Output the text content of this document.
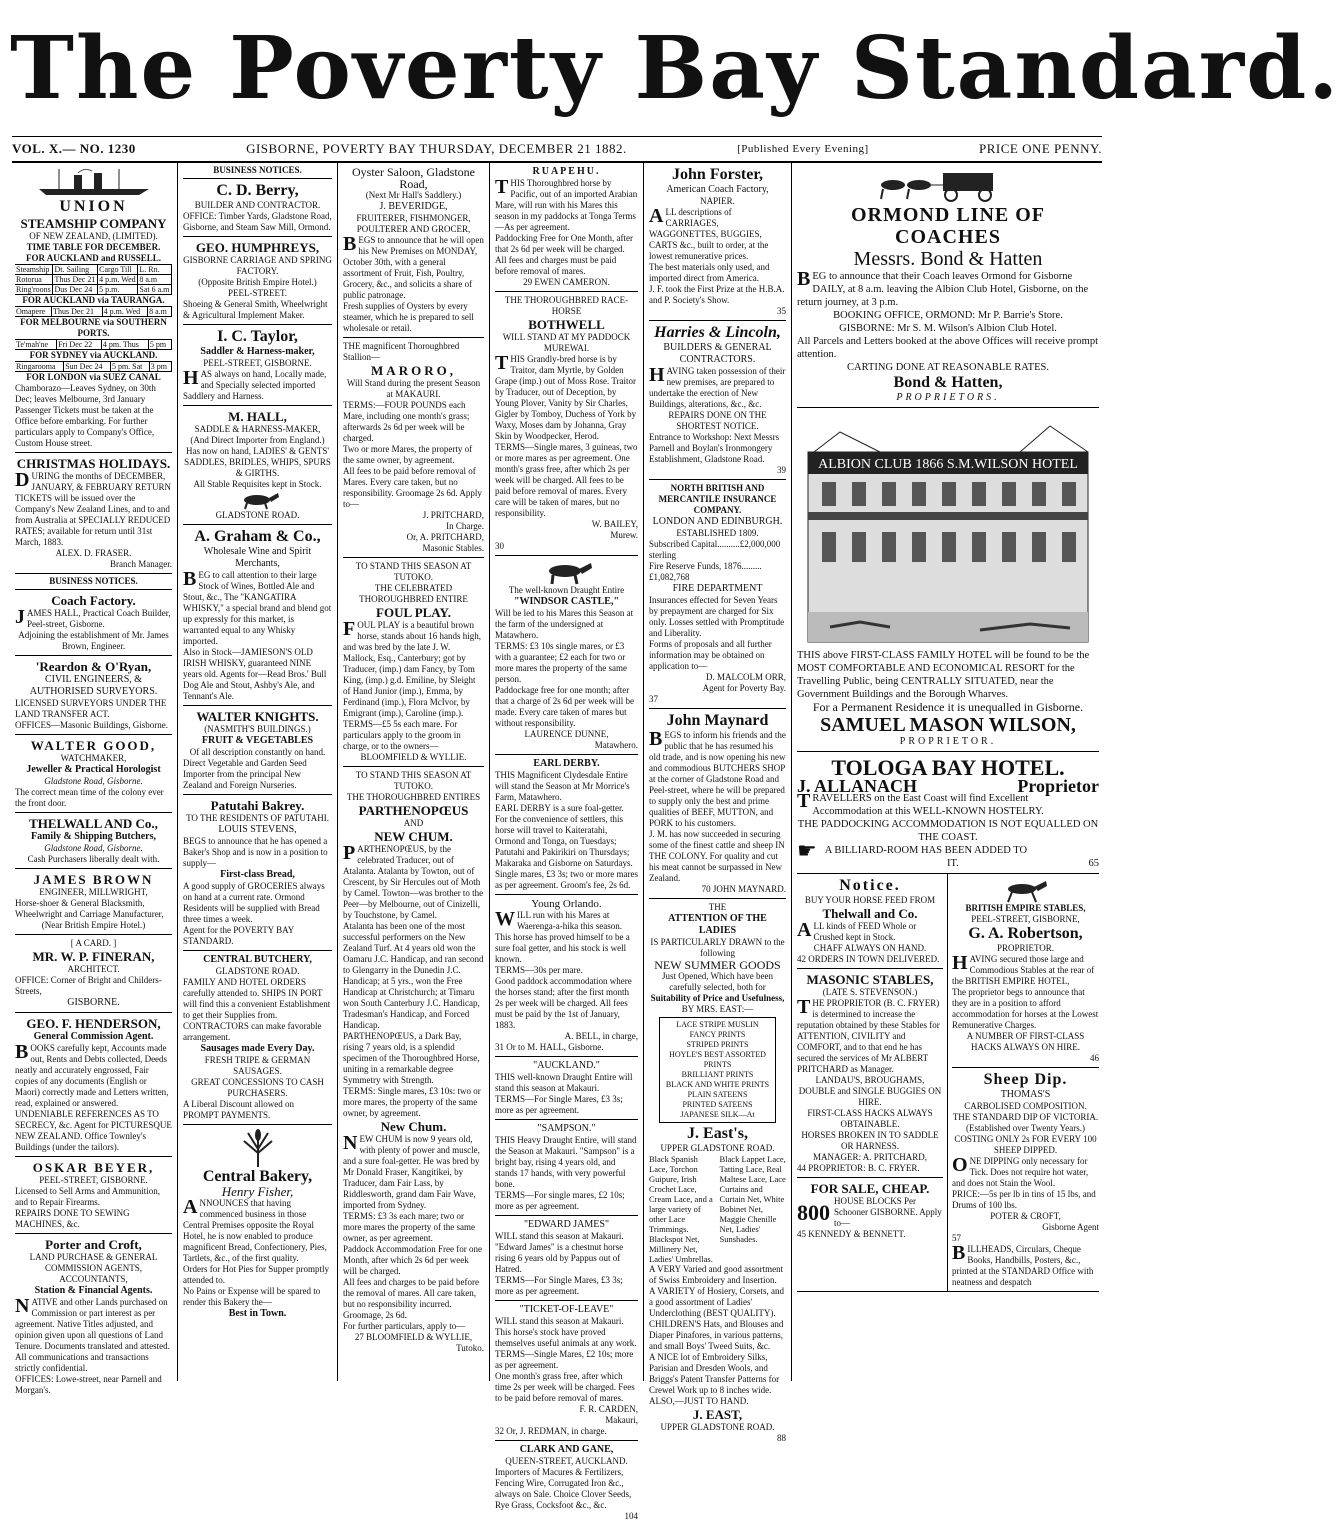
The Poverty Bay Standard.
VOL. X.— NO. 1230	GISBORNE, POVERTY BAY THURSDAY, DECEMBER 21 1882.	[Published Every Evening]	PRICE ONE PENNY.
UNION
STEAMSHIP COMPANY
OF NEW ZEALAND, (LIMITED).
TIME TABLE FOR DECEMBER.
FOR AUCKLAND and RUSSELL.
Steamship	Dt. Sailing	Cargo Till	L. Rn.
Rotorua	Thus Dec 21	4 p.m. Wed	8 a.m
Ring'roons	Dus Dec 24	5 p.m.	Sat 6 a.m
FOR AUCKLAND via TAURANGA.
Omapere	Thus Dec 21	4 p.m. Wed	8 a.m
FOR MELBOURNE via SOUTHERN PORTS.
Te'mah'ne	Fri Dec 22	4 pm. Thus	5 pm
FOR SYDNEY via AUCKLAND.
Ringarooma	Sun Dec 24	5 pm. Sat	3 pm
FOR LONDON via SUEZ CANAL
Chamborazo—Leaves Sydney, on 30th Dec; leaves Melbourne, 3rd January
Passenger Tickets must be taken at the Office before embarking. For further particulars apply to Company's Office, Custom House street.
CHRISTMAS HOLIDAYS.
DURING the months of DECEMBER, JANUARY, & FEBRUARY RETURN TICKETS will be issued over the Company's New Zealand Lines, and to and from Australia at SPECIALLY REDUCED RATES; available for return until 31st March, 1883.
ALEX. D. FRASER.
Branch Manager.
BUSINESS NOTICES.
Coach Factory.
JAMES HALL, Practical Coach Builder, Peel-street, Gisborne.
Adjoining the establishment of Mr. James Brown, Engineer.
'Reardon & O'Ryan,
CIVIL ENGINEERS, & AUTHORISED SURVEYORS.
LICENSED SURVEYORS UNDER THE LAND TRANSFER ACT.
OFFICES—Masonic Buildings, Gisborne.
WALTER GOOD,
WATCHMAKER,
Jeweller & Practical Horologist
Gladstone Road, Gisborne.
The correct mean time of the colony ever the front door.
THELWALL AND Co.,
Family & Shipping Butchers,
Gladstone Road, Gisborne.
Cash Purchasers liberally dealt with.
JAMES BROWN
ENGINEER, MILLWRIGHT,
Horse-shoer & General Blacksmith, Wheelwright and Carriage Manufacturer,
(Near British Empire Hotel.)
[ A CARD. ]
MR. W. P. FINERAN,
ARCHITECT.
OFFICE: Corner of Bright and Childers-Streets,
GISBORNE.
GEO. F. HENDERSON,
General Commission Agent.
BOOKS carefully kept, Accounts made out, Rents and Debts collected, Deeds neatly and accurately engrossed, Fair copies of any documents (English or Maori) correctly made and Letters written, read, explained or answered.
UNDENIABLE REFERENCES AS TO SECRECY, &c. Agent for PICTURESQUE NEW ZEALAND. Office Townley's Buildings (under the tailors).
OSKAR BEYER,
PEEL-STREET, GISBORNE.
Licensed to Sell Arms and Ammunition, and to Repair Firearms.
REPAIRS DONE TO SEWING MACHINES, &c.
Porter and Croft,
LAND PURCHASE & GENERAL COMMISSION AGENTS, ACCOUNTANTS,
Station & Financial Agents.
NATIVE and other Lands purchased on Commission or part interest as per agreement. Native Titles adjusted, and opinion given upon all questions of Land Tenure. Documents translated and attested. All communications and transactions strictly confidential.
OFFICES: Lowe-street, near Parnell and Morgan's.
BUSINESS NOTICES.
C. D. Berry,
BUILDER AND CONTRACTOR.
OFFICE: Timber Yards, Gladstone Road, Gisborne, and Steam Saw Mill, Ormond.
GEO. HUMPHREYS,
GISBORNE CARRIAGE AND SPRING FACTORY.
(Opposite British Empire Hotel.)
PEEL-STREET.
Shoeing & General Smith, Wheelwright & Agricultural Implement Maker.
I. C. Taylor,
Saddler & Harness-maker,
PEEL-STREET, GISBORNE.
HAS always on hand, Locally made, and Specially selected imported Saddlery and Harness.
M. HALL,
SADDLE & HARNESS-MAKER,
(And Direct Importer from England.)
Has now on hand, LADIES' & GENTS' SADDLES, BRIDLES, WHIPS, SPURS & GIRTHS.
All Stable Requisites kept in Stock.
GLADSTONE ROAD.
A. Graham & Co.,
Wholesale Wine and Spirit Merchants,
BEG to call attention to their large Stock of Wines, Bottled Ale and Stout, &c., The "KANGATIRA WHISKY," a special brand and blend got up expressly for this market, is warranted equal to any Whisky imported.
Also in Stock—JAMIESON'S OLD IRISH WHISKY, guaranteed NINE years old. Agents for—Read Bros.' Bull Dog Ale and Stout, Ashby's Ale, and Tennant's Ale.
WALTER KNIGHTS.
(NASMITH'S BUILDINGS.)
FRUIT & VEGETABLES
Of all description constantly on hand.
Direct Vegetable and Garden Seed Importer from the principal New Zealand and Foreign Nurseries.
Patutahi Bakrey.
TO THE RESIDENTS OF PATUTAHI.
LOUIS STEVENS,
BEGS to announce that he has opened a Baker's Shop and is now in a position to supply—
First-class Bread,
A good supply of GROCERIES always on hand at a current rate. Ormond Residents will be supplied with Bread three times a week.
Agent for the POVERTY BAY STANDARD.
CENTRAL BUTCHERY,
GLADSTONE ROAD.
FAMILY AND HOTEL ORDERS carefully attended to. SHIPS IN PORT will find this a convenient Establishment to get their Supplies from.
CONTRACTORS can make favorable arrangement.
Sausages made Every Day.
FRESH TRIPE & GERMAN SAUSAGES.
GREAT CONCESSIONS TO CASH PURCHASERS.
A Liberal Discount allowed on PROMPT PAYMENTS.
Central Bakery,
Henry Fisher,
ANNOUNCES that having commenced business in those Central Premises opposite the Royal Hotel, he is now enabled to produce magnificent Bread, Confectionery, Pies, Tartlets, &c., of the first quality.
Orders for Hot Pies for Supper promptly attended to.
No Pains or Expense will be spared to render this Bakery the—
Best in Town.
Oyster Saloon, Gladstone Road,
(Next Mr Hall's Saddlery.)
J. BEVERIDGE,
FRUITERER, FISHMONGER, POULTERER AND GROCER,
BEGS to announce that he will open his New Premises on MONDAY, October 30th, with a general assortment of Fruit, Fish, Poultry, Grocery, &c., and solicits a share of public patronage.
Fresh supplies of Oysters by every steamer, which he is prepared to sell wholesale or retail.
THE magnificent Thoroughbred Stallion—
MARORO,
Will Stand during the present Season at MAKAURI.
TERMS:—FOUR POUNDS each Mare, including one month's grass; afterwards 2s 6d per week will be charged.
Two or more Mares, the property of the same owner, by agreement.
All fees to be paid before removal of Mares. Every care taken, but no responsibility. Groomage 2s 6d. Apply to—
J. PRITCHARD,
In Charge.
Or, A. PRITCHARD,
Masonic Stables.
TO STAND THIS SEASON AT TUTOKO.
THE CELEBRATED THOROUGHBRED ENTIRE
FOUL PLAY.
FOUL PLAY is a beautiful brown horse, stands about 16 hands high, and was bred by the late J. W. Mallock, Esq., Canterbury; got by Traducer, (imp.) dam Fancy, by Tom King, (imp.) g.d. Emiline, by Sleight of Hand Junior (imp.), Emma, by Ferdinand (imp.), Flora McIvor, by Emigrant (imp.), Caroline (imp.).
TERMS—£5 5s each mare. For particulars apply to the groom in charge, or to the owners—
BLOOMFIELD & WYLLIE.
TO STAND THIS SEASON AT TUTOKO.
THE THOROUGHBRED ENTIRES
PARTHENOPŒUS
AND
NEW CHUM.
PARTHENOPŒUS, by the celebrated Traducer, out of Atalanta. Atalanta by Towton, out of Crescent, by Sir Hercules out of Moth by Camel. Towton—was brother to the Peer—by Melbourne, out of Cinizelli, by Touchstone, by Camel.
Atalanta has been one of the most successful performers on the New Zealand Turf. At 4 years old won the Oamaru J.C. Handicap, and ran second to Glengarry in the Dunedin J.C. Handicap; at 5 yrs., won the Free Handicap at Christchurch; at Timaru won South Canterbury J.C. Handicap, Tradesman's Handicap, and Forced Handicap.
PARTHENOPŒUS, a Dark Bay, rising 7 years old, is a splendid specimen of the Thoroughbred Horse, uniting in a remarkable degree Symmetry with Strength.
TERMS: Single mares, £3 10s: two or more mares, the property of the same owner, by agreement.
New Chum.
NEW CHUM is now 9 years old, with plenty of power and muscle, and a sure foal-getter. He was bred by Mr Donald Fraser, Kangitikei, by Traducer, dam Fair Lass, by Riddlesworth, grand dam Fair Wave, imported from Sydney.
TERMS: £3 3s each mare; two or more mares the property of the same owner, as per agreement.
Paddock Accommodation Free for one Month, after which 2s 6d per week will be charged.
All fees and charges to be paid before the removal of mares. All care taken, but no responsibility incurred. Groomage, 2s 6d.
For further particulars, apply to—
27 BLOOMFIELD & WYLLIE,
Tutoko.
RUAPEHU.
THIS Thoroughbred horse by Pacific, out of an imported Arabian Mare, will run with his Mares this season in my paddocks at Tonga Terms—As per agreement.
Paddocking Free for One Month, after that 2s 6d per week will be charged.
All fees and charges must be paid before removal of mares.
29 EWEN CAMERON.
THE THOROUGHBRED RACE-HORSE
BOTHWELL
WILL STAND AT MY PADDOCK MUREWAI.
THIS Grandly-bred horse is by Traitor, dam Myrtle, by Golden Grape (imp.) out of Moss Rose. Traitor by Traducer, out of Deception, by Young Plover, Vanity by Sir Charles, Gigler by Tomboy, Duchess of York by Waxy, Moses dam by Johanna, Gray Skin by Woodpecker, Herod.
TERMS—Single mares, 3 guineas, two or more mares as per agreement. One month's grass free, after which 2s per week will be charged. All fees to be paid before removal of mares. Every care will be taken of mares, but no responsibility.
W. BAILEY,
Murew.
30
The well-known Draught Entire
"WINDSOR CASTLE,"
Will be led to his Mares this Season at the farm of the undersigned at Matawhero.
TERMS: £3 10s single mares, or £3 with a guarantee; £2 each for two or more mares the property of the same person.
Paddockage free for one month; after that a charge of 2s 6d per week will be made. Every care taken of mares but without responsibility.
LAURENCE DUNNE,
Matawhero.
EARL DERBY.
THIS Magnificent Clydesdale Entire will stand the Season at Mr Morrice's Farm, Matawhero.
EARL DERBY is a sure foal-getter. For the convenience of settlers, this horse will travel to Kaiteratahi, Ormond and Tonga, on Tuesdays; Patutahi and Pakirikiri on Thursdays; Makaraka and Gisborne on Saturdays.
Single mares, £3 3s; two or more mares as per agreement. Groom's fee, 2s 6d.
Young Orlando.
WILL run with his Mares at Waerenga-a-hika this season. This horse has proved himself to be a sure foal getter, and his stock is well known.
TERMS—30s per mare.
Good paddock accommodation where the horses stand; after the first month 2s per week will be charged. All fees must be paid by the 1st of January, 1883.
A. BELL, in charge,
31 Or to M. HALL, Gisborne.
"AUCKLAND."
THIS well-known Draught Entire will stand this season at Makauri.
TERMS—For Single Mares, £3 3s; more as per agreement.
"SAMPSON."
THIS Heavy Draught Entire, will stand the Season at Makauri. "Sampson" is a bright bay, rising 4 years old, and stands 17 hands, with very powerful bone.
TERMS—For single mares, £2 10s; more as per agreement.
"EDWARD JAMES"
WILL stand this season at Makauri. "Edward James" is a chestnut horse rising 6 years old by Pappus out of Hatred.
TERMS—For Single Mares, £3 3s; more as per agreement.
"TICKET-OF-LEAVE"
WILL stand this season at Makauri. This horse's stock have proved themselves useful animals at any work.
TERMS—Single Mares, £2 10s; more as per agreement.
One month's grass free, after which time 2s per week will be charged. Fees to be paid before removal of mares.
F. R. CARDEN,
Makauri,
32 Or, J. REDMAN, in charge.
CLARK AND GANE,
QUEEN-STREET, AUCKLAND.
Importers of Macures & Fertilizers, Fencing Wire, Corrugated Iron &c., always on Sale. Choice Clover Seeds, Rye Grass, Cocksfoot &c., &c.
104
John Forster,
American Coach Factory,
NAPIER.
ALL descriptions of CARRIAGES, WAGGONETTES, BUGGIES, CARTS &c., built to order, at the lowest remunerative prices.
The best materials only used, and imported direct from America.
J. F. took the First Prize at the H.B.A. and P. Society's Show.
35
Harries & Lincoln,
BUILDERS & GENERAL CONTRACTORS.
HAVING taken possession of their new premises, are prepared to undertake the erection of New Buildings, alterations, &c., &c.
REPAIRS DONE ON THE SHORTEST NOTICE.
Entrance to Workshop: Next Messrs Parnell and Boylan's Ironmongery Establishment, Gladstone Road.
39
NORTH BRITISH AND MERCANTILE INSURANCE COMPANY.
LONDON AND EDINBURGH.
ESTABLISHED 1809.
Subscribed Capital..........£2,000,000 sterling
Fire Reserve Funds, 1876.........£1,082,768
FIRE DEPARTMENT
Insurances effected for Seven Years by prepayment are charged for Six only. Losses settled with Promptitude and Liberality.
Forms of proposals and all further information may be obtained on application to—
D. MALCOLM ORR,
Agent for Poverty Bay.
37
John Maynard
BEGS to inform his friends and the public that he has resumed his old trade, and is now opening his new and commodious BUTCHERS SHOP at the corner of Gladstone Road and Peel-street, where he will be prepared to supply only the best and prime qualities of BEEF, MUTTON, and PORK to his customers.
J. M. has now succeeded in securing some of the finest cattle and sheep IN THE COLONY. For quality and cut his meat cannot be surpassed in New Zealand.
70 JOHN MAYNARD.
THE
ATTENTION OF THE LADIES
IS PARTICULARLY DRAWN to the following
NEW SUMMER GOODS
Just Opened, Which have been carefully selected, both for
Suitability of Price and Usefulness,
BY MRS. EAST:—
LACE STRIPE MUSLIN
FANCY PRINTS
STRIPED PRINTS
HOYLE'S BEST ASSORTED PRINTS
BRILLIANT PRINTS
BLACK AND WHITE PRINTS
PLAIN SATEENS
PRINTED SATEENS
JAPANESE SILK—At
J. East's,
UPPER GLADSTONE ROAD.
Black Spanish Lace, Torchon Guipure, Irish Crochet Lace, Cream Lace, and a large variety of other Lace Trimmings. Blackspot Net, Millinery Net, Ladies' Umbrellas.
Black Lappet Lace, Tatting Lace, Real Maltese Lace, Lace Curtains and Curtain Net, White Bobinet Net, Maggie Chenille Net, Ladies' Sunshades.
A VERY Varied and good assortment of Swiss Embroidery and Insertion.
A VARIETY of Hosiery, Corsets, and a good assortment of Ladies' Underclothing (BEST QUALITY).
CHILDREN'S Hats, and Blouses and Diaper Pinafores, in various patterns, and small Boys' Tweed Suits, &c.
A NICE lot of Embroidery Silks, Parisian and Dresden Wools, and Briggs's Patent Transfer Patterns for Crewel Work up to 8 inches wide.
ALSO,—JUST TO HAND.
J. EAST,
UPPER GLADSTONE ROAD.
88
ORMOND LINE OF COACHES
Messrs. Bond & Hatten
BEG to announce that their Coach leaves Ormond for Gisborne DAILY, at 8 a.m. leaving the Albion Club Hotel, Gisborne, on the return journey, at 3 p.m.
BOOKING OFFICE, ORMOND: Mr P. Barrie's Store.
GISBORNE: Mr S. M. Wilson's Albion Club Hotel.
All Parcels and Letters booked at the above Offices will receive prompt attention.
CARTING DONE AT REASONABLE RATES.
Bond & Hatten,
PROPRIETORS.
ALBION CLUB 1866 S.M.WILSON HOTEL
THIS above FIRST-CLASS FAMILY HOTEL will be found to be the MOST COMFORTABLE AND ECONOMICAL RESORT for the Travelling Public, being CENTRALLY SITUATED, near the Government Buildings and the Borough Wharves.
For a Permanent Residence it is unequalled in Gisborne.
SAMUEL MASON WILSON,
PROPRIETOR.
TOLOGA BAY HOTEL.
J. ALLANACH	Proprietor
TRAVELLERS on the East Coast will find Excellent Accommodation at this WELL-KNOWN HOSTELRY.
THE PADDOCKING ACCOMMODATION IS NOT EQUALLED ON THE COAST.
☛ A BILLIARD-ROOM HAS BEEN ADDED TO
IT.	65
Notice.
BUY YOUR HORSE FEED FROM
Thelwall and Co.
ALL kinds of FEED Whole or Crushed kept in Stock.
CHAFF ALWAYS ON HAND.
42 ORDERS IN TOWN DELIVERED.
MASONIC STABLES,
(LATE S. STEVENSON.)
THE PROPRIETOR (B. C. FRYER) is determined to increase the reputation obtained by these Stables for ATTENTION, CIVILITY and COMFORT, and to that end he has secured the services of Mr ALBERT PRITCHARD as Manager.
LANDAU'S, BROUGHAMS, DOUBLE and SINGLE BUGGIES ON HIRE.
FIRST-CLASS HACKS ALWAYS OBTAINABLE.
HORSES BROKEN IN TO SADDLE OR HARNESS.
MANAGER: A. PRITCHARD,
44 PROPRIETOR: B. C. FRYER.
FOR SALE, CHEAP.
800 HOUSE BLOCKS Per Schooner GISBORNE. Apply to—
45 KENNEDY & BENNETT.
BRITISH EMPIRE STABLES,
PEEL-STREET, GISBORNE,
G. A. Robertson,
PROPRIETOR.
HAVING secured those large and Commodious Stables at the rear of the BRITISH EMPIRE HOTEL,
The proprietor begs to announce that they are in a position to afford accommodation for horses at the Lowest Remunerative Charges.
A NUMBER OF FIRST-CLASS HACKS ALWAYS ON HIRE.
46
Sheep Dip.
THOMAS'S
CARBOLISED COMPOSITION.
THE STANDARD DIP OF VICTORIA.
(Established over Twenty Years.)
COSTING ONLY 2s FOR EVERY 100 SHEEP DIPPED.
ONE DIPPING only necessary for Tick. Does not require hot water, and does not Stain the Wool.
PRICE:—5s per lb in tins of 15 lbs, and Drums of 100 lbs.
POTER & CROFT,
Gisborne Agent
57
BILLHEADS, Circulars, Cheque Books, Handbills, Posters, &c., printed at the STANDARD Office with neatness and despatch
